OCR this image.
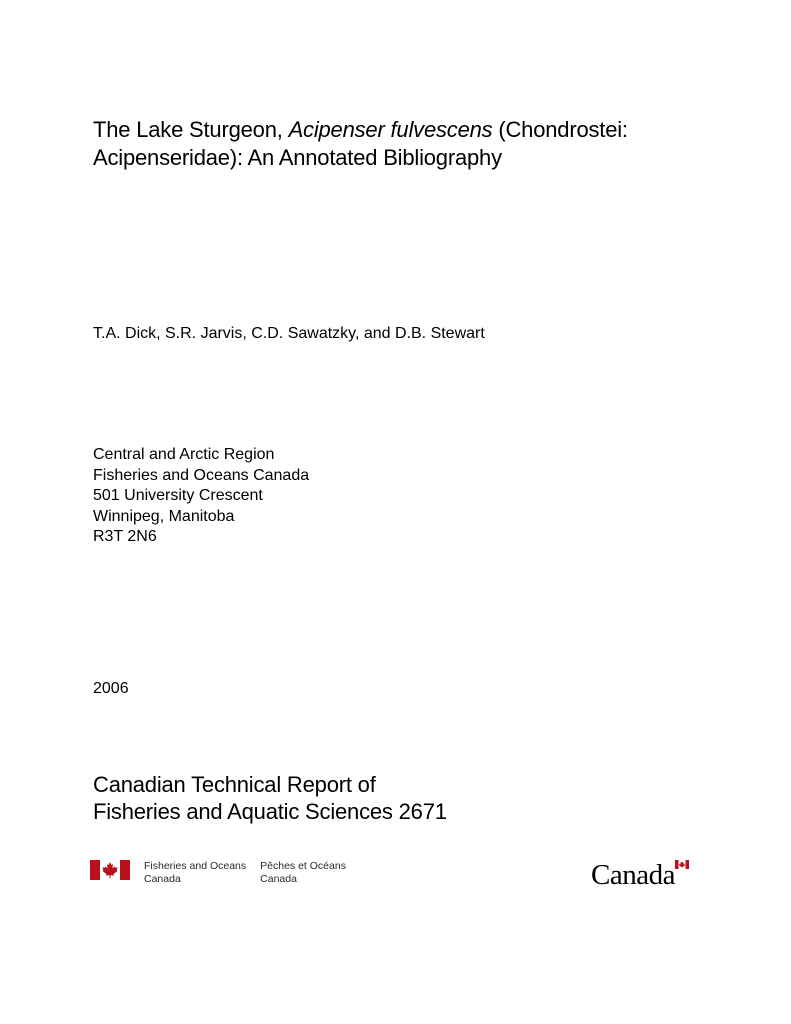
The Lake Sturgeon, Acipenser fulvescens (Chondrostei: Acipenseridae): An Annotated Bibliography
T.A. Dick, S.R. Jarvis, C.D. Sawatzky, and D.B. Stewart
Central and Arctic Region
Fisheries and Oceans Canada
501 University Crescent
Winnipeg, Manitoba
R3T 2N6
2006
Canadian Technical Report of
Fisheries and Aquatic Sciences 2671
Fisheries and Oceans
Canada
Pêches et Océans
Canada	Canada
